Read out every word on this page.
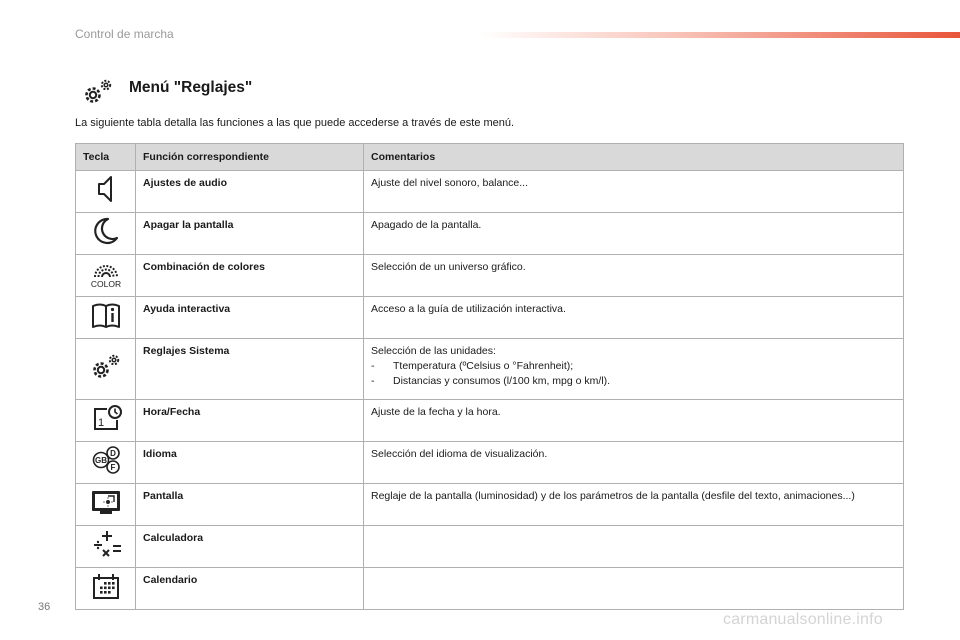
Control de marcha
Menú "Reglajes"
La siguiente tabla detalla las funciones a las que puede accederse a través de este menú.
Tecla	Función correspondiente	Comentarios
	Ajustes de audio	Ajuste del nivel sonoro, balance...
	Apagar la pantalla	Apagado de la pantalla.

COLOR	Combinación de colores	Selección de un universo gráfico.
	Ayuda interactiva	Acceso a la guía de utilización interactiva.
	Reglajes Sistema	Selección de las unidades:
- Ttemperatura (ºCelsius o °Fahrenheit);
- Distancias y consumos (l/100 km, mpg o km/l).

1	Hora/Fecha	Ajuste de la fecha y la hora.

D
F
GB	Idioma	Selección del idioma de visualización.
	Pantalla	Reglaje de la pantalla (luminosidad) y de los parámetros de la pantalla (desfile del texto, animaciones...)
	Calculadora	
	Calendario	
36
carmanualsonline.info
